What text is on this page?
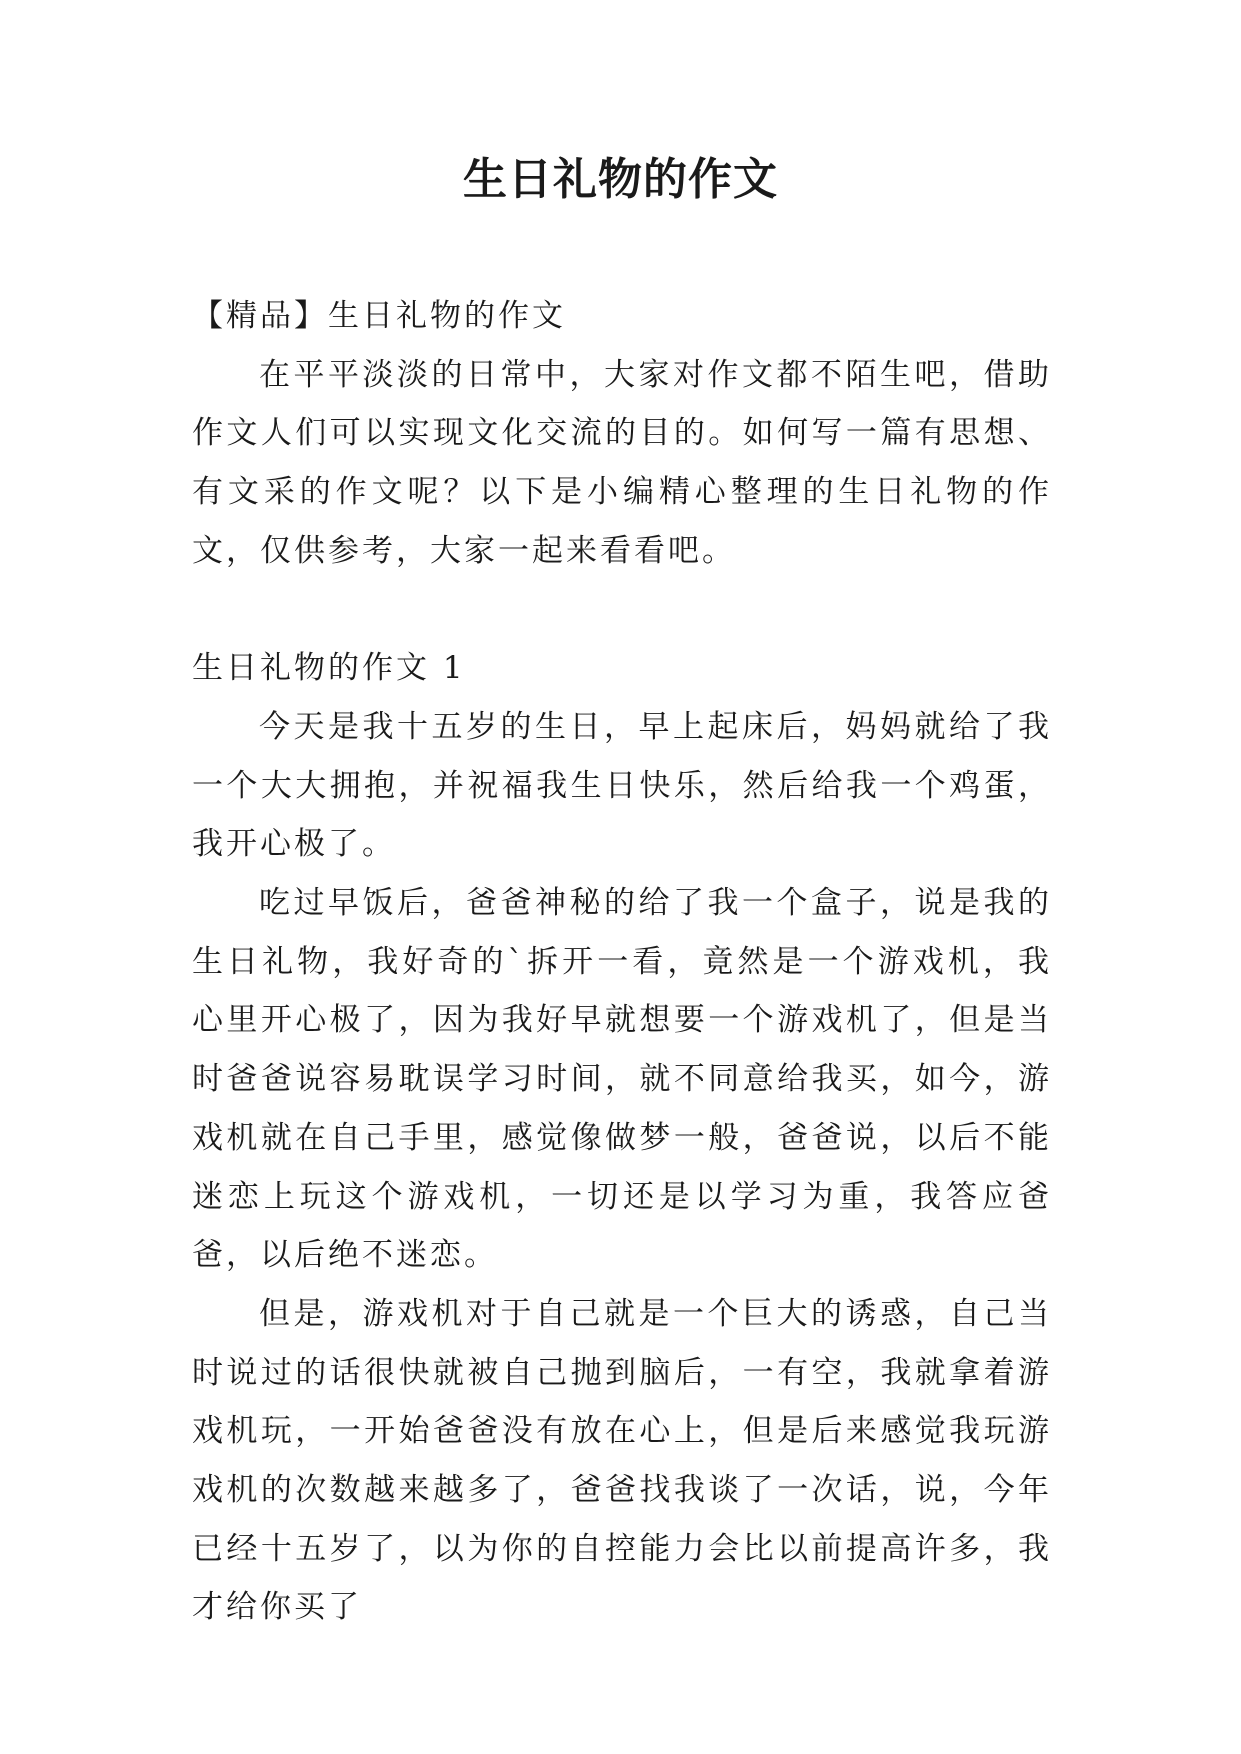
生日礼物的作文

【精品】生日礼物的作文

在平平淡淡的日常中，大家对作文都不陌生吧，借助作文人们可以实现文化交流的目的。如何写一篇有思想、有文采的作文呢？以下是小编精心整理的生日礼物的作文，仅供参考，大家一起来看看吧。

生日礼物的作文 1

今天是我十五岁的生日，早上起床后，妈妈就给了我一个大大拥抱，并祝福我生日快乐，然后给我一个鸡蛋，我开心极了。

吃过早饭后，爸爸神秘的给了我一个盒子，说是我的生日礼物，我好奇的`拆开一看，竟然是一个游戏机，我心里开心极了，因为我好早就想要一个游戏机了，但是当时爸爸说容易耽误学习时间，就不同意给我买，如今，游戏机就在自己手里，感觉像做梦一般，爸爸说，以后不能迷恋上玩这个游戏机，一切还是以学习为重，我答应爸爸，以后绝不迷恋。

但是，游戏机对于自己就是一个巨大的诱惑，自己当时说过的话很快就被自己抛到脑后，一有空，我就拿着游戏机玩，一开始爸爸没有放在心上，但是后来感觉我玩游戏机的次数越来越多了，爸爸找我谈了一次话，说，今年已经十五岁了，以为你的自控能力会比以前提高许多，我才给你买了
